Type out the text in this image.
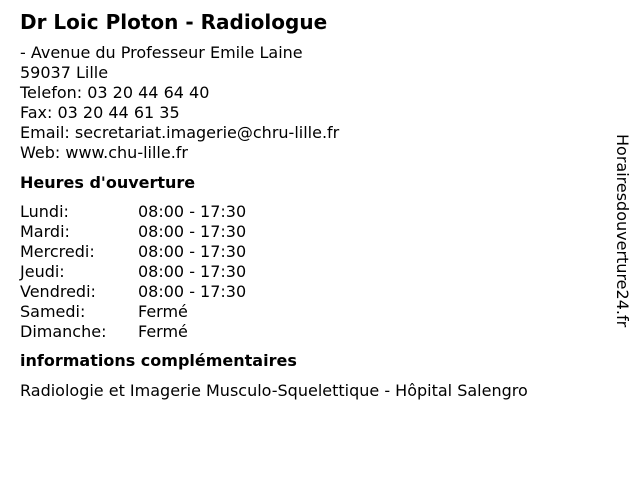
Dr Loic Ploton - Radiologue
- Avenue du Professeur Emile Laine
59037 Lille
Telefon: 03 20 44 64 40
Fax: 03 20 44 61 35
Email: secretariat.imagerie@chru-lille.fr
Web: www.chu-lille.fr
Heures d'ouverture
Lundi:	08:00 - 17:30
Mardi:	08:00 - 17:30
Mercredi:	08:00 - 17:30
Jeudi:	08:00 - 17:30
Vendredi:	08:00 - 17:30
Samedi:	Fermé
Dimanche:	Fermé
informations complémentaires
Radiologie et Imagerie Musculo-Squelettique - Hôpital Salengro
Horairesdouverture24.fr
